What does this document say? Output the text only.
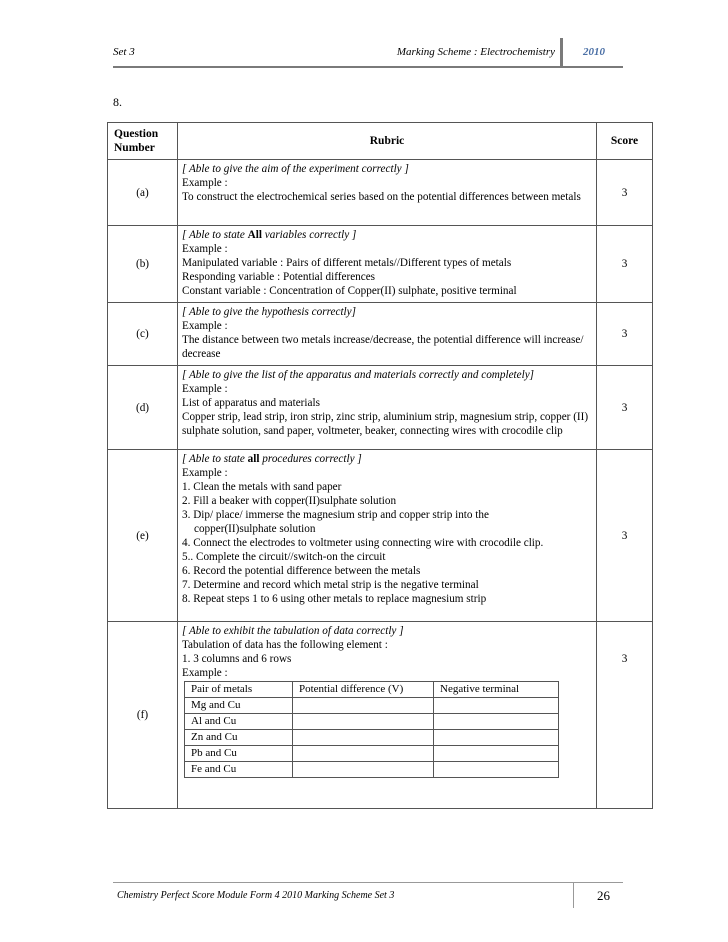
Set 3	Marking Scheme : Electrochemistry	2010
8.
Question Number	Rubric	Score
(a)	
[ Able to give the aim of the experiment correctly ]
Example :
To construct the electrochemical series based on the potential differences between metals	3
(b)	
[ Able to state All variables correctly ]
Example :
Manipulated variable : Pairs of different metals//Different types of metals
Responding variable : Potential differences
Constant variable : Concentration of Copper(II) sulphate, positive terminal
	3
(c)	
[ Able to give the hypothesis correctly]
Example :
The distance between two metals increase/decrease, the potential difference will increase/ decrease
	3
(d)	
[ Able to give the list of the apparatus and materials correctly and completely]
Example :
List of apparatus and materials
Copper strip, lead strip, iron strip, zinc strip, aluminium strip, magnesium strip, copper (II) sulphate solution, sand paper, voltmeter, beaker, connecting wires with crocodile clip
	3
(e)	
[ Able to state all procedures correctly ]
Example :
1. Clean the metals with sand paper
2. Fill a beaker with copper(II)sulphate solution
3. Dip/ place/ immerse the magnesium strip and copper strip into the
copper(II)sulphate solution
4. Connect the electrodes to voltmeter using connecting wire with crocodile clip.
5.. Complete the circuit//switch-on the circuit
6. Record the potential difference between the metals
7. Determine and record which metal strip is the negative terminal
8. Repeat steps 1 to 6 using other metals to replace magnesium strip
	3
(f)	
[ Able to exhibit the tabulation of data correctly ]
Tabulation of data has the following element :
1. 3 columns and 6 rows
Example :
Pair of metals	Potential difference (V)	Negative terminal
Mg and Cu		
Al and Cu		
Zn and Cu		
Pb and Cu		
Fe and Cu		
	3
Chemistry Perfect Score Module Form 4 2010 Marking Scheme Set 3	26
